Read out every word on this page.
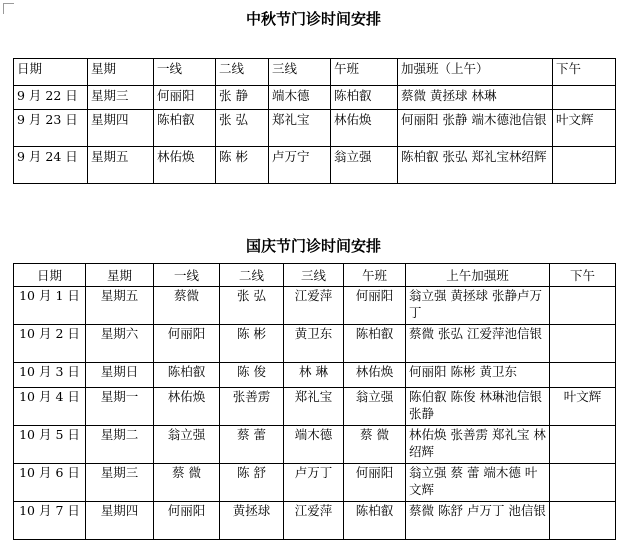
中秋节门诊时间安排
日期	星期	一线	二线	三线	午班	加强班（上午）	下午
9 月 22 日	星期三	何丽阳	张 静	端木德	陈柏叡	蔡微 黄拯球 林琳	
9 月 23 日	星期四	陈柏叡	张 弘	郑礼宝	林佑焕	何丽阳 张静 端木德池信银	叶文辉
9 月 24 日	星期五	林佑焕	陈 彬	卢万宁	翁立强	陈柏叡 张弘 郑礼宝林绍辉	
国庆节门诊时间安排
日期	星期	一线	二线	三线	午班	上午加强班	下午
10 月 1 日	星期五	蔡微	张 弘	江爱萍	何丽阳	翁立强 黄拯球 张静卢万丁	
10 月 2 日	星期六	何丽阳	陈 彬	黄卫东	陈柏叡	蔡微 张弘 江爱萍池信银	
10 月 3 日	星期日	陈柏叡	陈 俊	林 琳	林佑焕	何丽阳 陈彬 黄卫东	
10 月 4 日	星期一	林佑焕	张善雳	郑礼宝	翁立强	陈伯叡 陈俊 林琳池信银 张静	叶文辉
10 月 5 日	星期二	翁立强	蔡 蕾	端木德	蔡 微	林佑焕 张善雳 郑礼宝 林绍辉	
10 月 6 日	星期三	蔡 微	陈 舒	卢万丁	何丽阳	翁立强 蔡 蕾 端木德 叶文辉	
10 月 7 日	星期四	何丽阳	黄拯球	江爱萍	陈柏叡	蔡微 陈舒 卢万丁 池信银	
